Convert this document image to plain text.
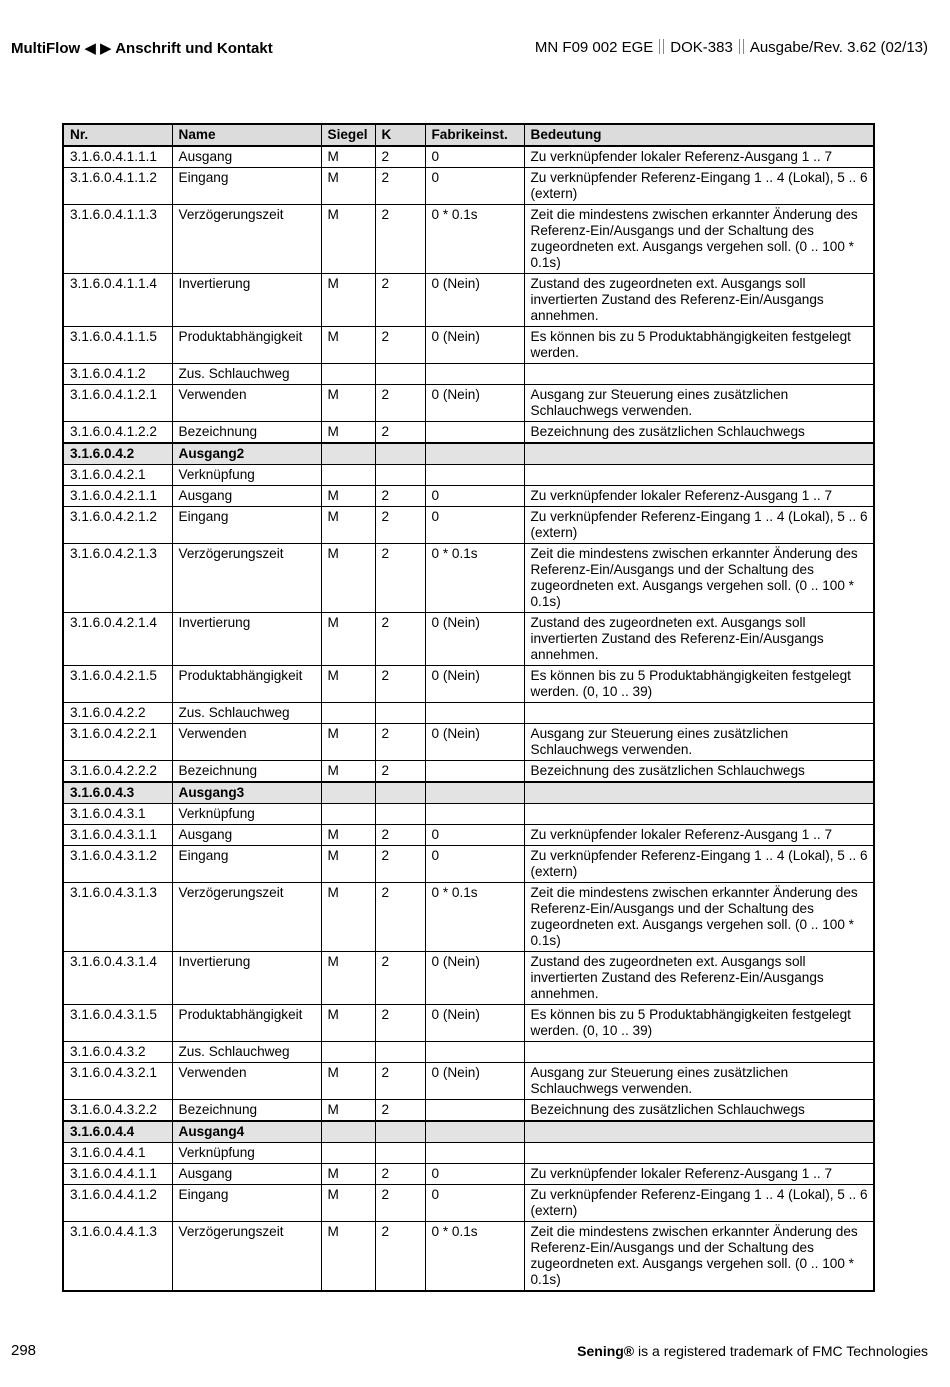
MultiFlow ◀ ▶ Anschrift und Kontakt	MN F09 002 EGE DOK-383 Ausgabe/Rev. 3.62 (02/13)
Nr.	Name	Siegel	K	Fabrikeinst.	Bedeutung
3.1.6.0.4.1.1.1	Ausgang	M	2	0	Zu verknüpfender lokaler Referenz-Ausgang 1 .. 7
3.1.6.0.4.1.1.2	Eingang	M	2	0	Zu verknüpfender Referenz-Eingang 1 .. 4 (Lokal), 5 .. 6 (extern)
3.1.6.0.4.1.1.3	Verzögerungszeit	M	2	0 * 0.1s	Zeit die mindestens zwischen erkannter Änderung des Referenz-Ein/Ausgangs und der Schaltung des zugeordneten ext. Ausgangs vergehen soll. (0 .. 100 * 0.1s)
3.1.6.0.4.1.1.4	Invertierung	M	2	0 (Nein)	Zustand des zugeordneten ext. Ausgangs soll invertierten Zustand des Referenz-Ein/Ausgangs annehmen.
3.1.6.0.4.1.1.5	Produktabhängigkeit	M	2	0 (Nein)	Es können bis zu 5 Produktabhängigkeiten festgelegt werden.
3.1.6.0.4.1.2	Zus. Schlauchweg				
3.1.6.0.4.1.2.1	Verwenden	M	2	0 (Nein)	Ausgang zur Steuerung eines zusätzlichen Schlauchwegs verwenden.
3.1.6.0.4.1.2.2	Bezeichnung	M	2		Bezeichnung des zusätzlichen Schlauchwegs
3.1.6.0.4.2	Ausgang2				
3.1.6.0.4.2.1	Verknüpfung				
3.1.6.0.4.2.1.1	Ausgang	M	2	0	Zu verknüpfender lokaler Referenz-Ausgang 1 .. 7
3.1.6.0.4.2.1.2	Eingang	M	2	0	Zu verknüpfender Referenz-Eingang 1 .. 4 (Lokal), 5 .. 6 (extern)
3.1.6.0.4.2.1.3	Verzögerungszeit	M	2	0 * 0.1s	Zeit die mindestens zwischen erkannter Änderung des Referenz-Ein/Ausgangs und der Schaltung des zugeordneten ext. Ausgangs vergehen soll. (0 .. 100 * 0.1s)
3.1.6.0.4.2.1.4	Invertierung	M	2	0 (Nein)	Zustand des zugeordneten ext. Ausgangs soll invertierten Zustand des Referenz-Ein/Ausgangs annehmen.
3.1.6.0.4.2.1.5	Produktabhängigkeit	M	2	0 (Nein)	Es können bis zu 5 Produktabhängigkeiten festgelegt werden. (0, 10 .. 39)
3.1.6.0.4.2.2	Zus. Schlauchweg				
3.1.6.0.4.2.2.1	Verwenden	M	2	0 (Nein)	Ausgang zur Steuerung eines zusätzlichen Schlauchwegs verwenden.
3.1.6.0.4.2.2.2	Bezeichnung	M	2		Bezeichnung des zusätzlichen Schlauchwegs
3.1.6.0.4.3	Ausgang3				
3.1.6.0.4.3.1	Verknüpfung				
3.1.6.0.4.3.1.1	Ausgang	M	2	0	Zu verknüpfender lokaler Referenz-Ausgang 1 .. 7
3.1.6.0.4.3.1.2	Eingang	M	2	0	Zu verknüpfender Referenz-Eingang 1 .. 4 (Lokal), 5 .. 6 (extern)
3.1.6.0.4.3.1.3	Verzögerungszeit	M	2	0 * 0.1s	Zeit die mindestens zwischen erkannter Änderung des Referenz-Ein/Ausgangs und der Schaltung des zugeordneten ext. Ausgangs vergehen soll. (0 .. 100 * 0.1s)
3.1.6.0.4.3.1.4	Invertierung	M	2	0 (Nein)	Zustand des zugeordneten ext. Ausgangs soll invertierten Zustand des Referenz-Ein/Ausgangs annehmen.
3.1.6.0.4.3.1.5	Produktabhängigkeit	M	2	0 (Nein)	Es können bis zu 5 Produktabhängigkeiten festgelegt werden. (0, 10 .. 39)
3.1.6.0.4.3.2	Zus. Schlauchweg				
3.1.6.0.4.3.2.1	Verwenden	M	2	0 (Nein)	Ausgang zur Steuerung eines zusätzlichen Schlauchwegs verwenden.
3.1.6.0.4.3.2.2	Bezeichnung	M	2		Bezeichnung des zusätzlichen Schlauchwegs
3.1.6.0.4.4	Ausgang4				
3.1.6.0.4.4.1	Verknüpfung				
3.1.6.0.4.4.1.1	Ausgang	M	2	0	Zu verknüpfender lokaler Referenz-Ausgang 1 .. 7
3.1.6.0.4.4.1.2	Eingang	M	2	0	Zu verknüpfender Referenz-Eingang 1 .. 4 (Lokal), 5 .. 6 (extern)
3.1.6.0.4.4.1.3	Verzögerungszeit	M	2	0 * 0.1s	Zeit die mindestens zwischen erkannter Änderung des Referenz-Ein/Ausgangs und der Schaltung des zugeordneten ext. Ausgangs vergehen soll. (0 .. 100 * 0.1s)
298	Sening® is a registered trademark of FMC Technologies
